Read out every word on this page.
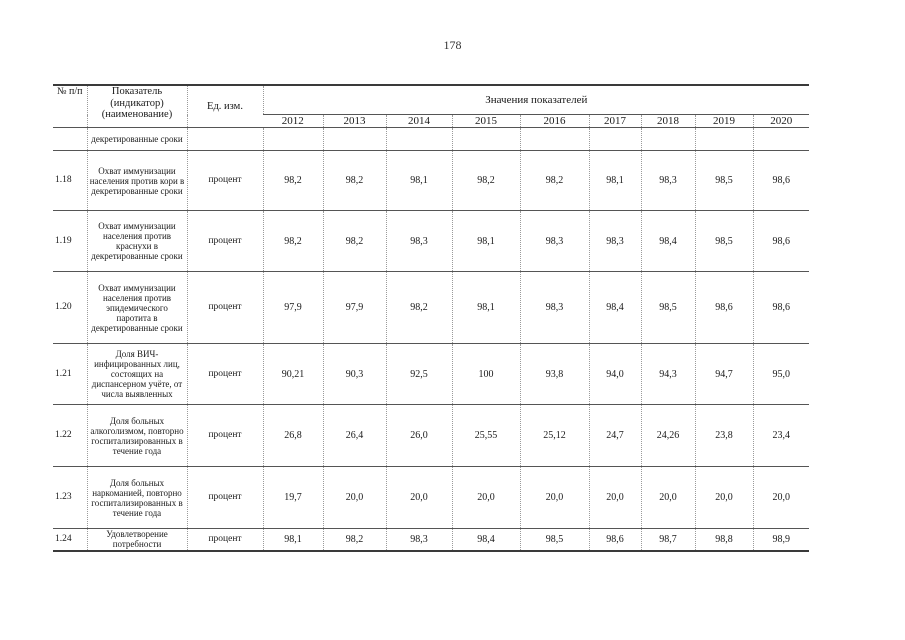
178
№ п/п	Показатель (индикатор) (наименование)	Ед. изм.	Значения показателей								
			2012	2013	2014	2015	2016	2017	2018	2019	2020
	декретированные сроки										
1.18	Охват иммунизации населения против кори в декретированные сроки	процент	98,2	98,2	98,1	98,2	98,2	98,1	98,3	98,5	98,6
1.19	Охват иммунизации населения против краснухи в декретированные сроки	процент	98,2	98,2	98,3	98,1	98,3	98,3	98,4	98,5	98,6
1.20	Охват иммунизации населения против эпидемического паротита в декретированные сроки	процент	97,9	97,9	98,2	98,1	98,3	98,4	98,5	98,6	98,6
1.21	Доля ВИЧ-инфицированных лиц, состоящих на диспансерном учёте, от числа выявленных	процент	90,21	90,3	92,5	100	93,8	94,0	94,3	94,7	95,0
1.22	Доля больных алкоголизмом, повторно госпитализированных в течение года	процент	26,8	26,4	26,0	25,55	25,12	24,7	24,26	23,8	23,4
1.23	Доля больных наркоманией, повторно госпитализированных в течение года	процент	19,7	20,0	20,0	20,0	20,0	20,0	20,0	20,0	20,0
1.24	Удовлетворение потребности	процент	98,1	98,2	98,3	98,4	98,5	98,6	98,7	98,8	98,9
